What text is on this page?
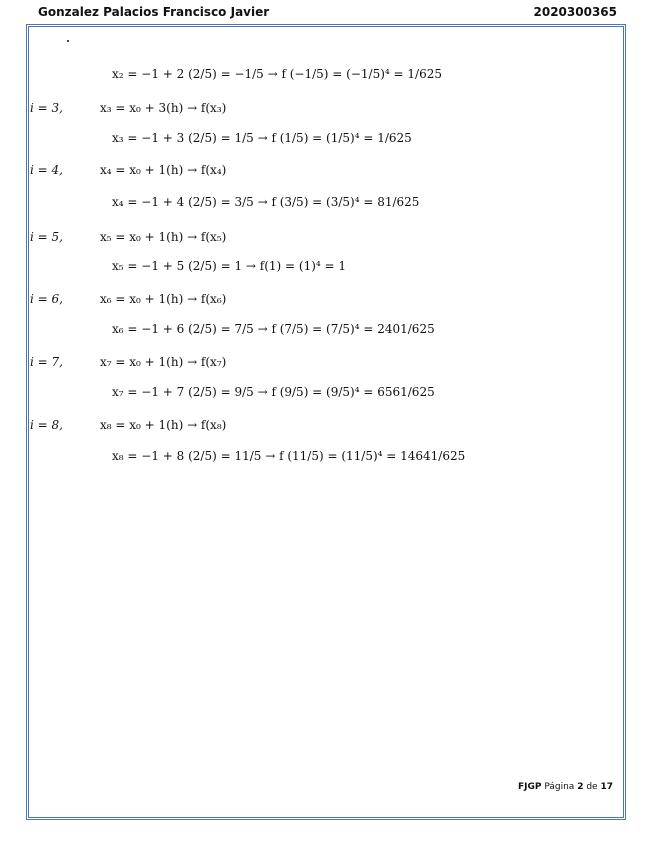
Gonzalez Palacios Francisco Javier	2020300365
x₂ = −1 + 2 (2/5) = −1/5 → f (−1/5) = (−1/5)⁴ = 1/625
i = 3,	x₃ = x₀ + 3(h) → f(x₃)
x₃ = −1 + 3 (2/5) = 1/5 → f (1/5) = (1/5)⁴ = 1/625
i = 4,	x₄ = x₀ + 1(h) → f(x₄)
x₄ = −1 + 4 (2/5) = 3/5 → f (3/5) = (3/5)⁴ = 81/625
i = 5,	x₅ = x₀ + 1(h) → f(x₅)
x₅ = −1 + 5 (2/5) = 1 → f(1) = (1)⁴ = 1
i = 6,	x₆ = x₀ + 1(h) → f(x₆)
x₆ = −1 + 6 (2/5) = 7/5 → f (7/5) = (7/5)⁴ = 2401/625
i = 7,	x₇ = x₀ + 1(h) → f(x₇)
x₇ = −1 + 7 (2/5) = 9/5 → f (9/5) = (9/5)⁴ = 6561/625
i = 8,	x₈ = x₀ + 1(h) → f(x₈)
x₈ = −1 + 8 (2/5) = 11/5 → f (11/5) = (11/5)⁴ = 14641/625
FJGP Página 2 de 17
